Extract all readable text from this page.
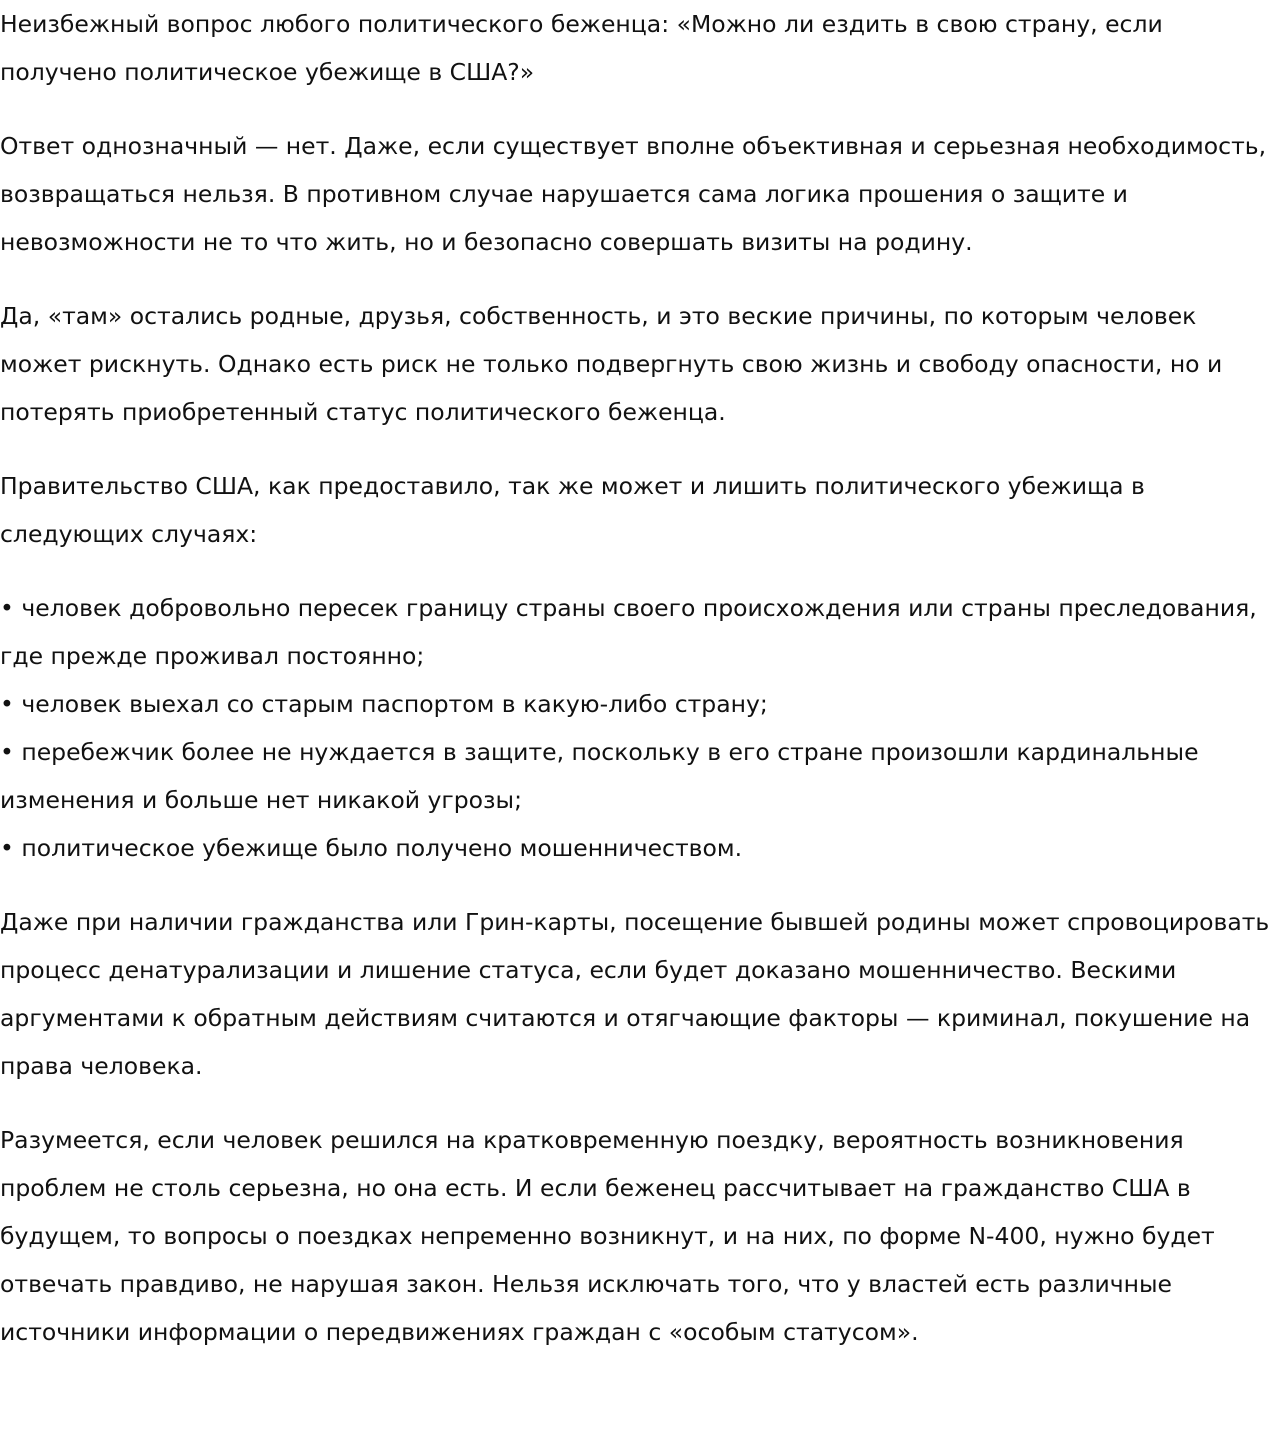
Неизбежный вопрос любого политического беженца: «Можно ли ездить в свою страну, если получено политическое убежище в США?»

Ответ однозначный — нет. Даже, если существует вполне объективная и серьезная необходимость, возвращаться нельзя. В противном случае нарушается сама логика прошения о защите и невозможности не то что жить, но и безопасно совершать визиты на родину.

Да, «там» остались родные, друзья, собственность, и это веские причины, по которым человек может рискнуть. Однако есть риск не только подвергнуть свою жизнь и свободу опасности, но и потерять приобретенный статус политического беженца.

Правительство США, как предоставило, так же может и лишить политического убежища в следующих случаях:

• человек добровольно пересек границу страны своего происхождения или страны преследования, где прежде проживал постоянно;
• человек выехал со старым паспортом в какую-либо страну;
• перебежчик более не нуждается в защите, поскольку в его стране произошли кардинальные изменения и больше нет никакой угрозы;
• политическое убежище было получено мошенничеством.

Даже при наличии гражданства или Грин-карты, посещение бывшей родины может спровоцировать процесс денатурализации и лишение статуса, если будет доказано мошенничество. Вескими аргументами к обратным действиям считаются и отягчающие факторы — криминал, покушение на права человека.

Разумеется, если человек решился на кратковременную поездку, вероятность возникновения проблем не столь серьезна, но она есть. И если беженец рассчитывает на гражданство США в будущем, то вопросы о поездках непременно возникнут, и на них, по форме N-400, нужно будет отвечать правдиво, не нарушая закон. Нельзя исключать того, что у властей есть различные источники информации о передвижениях граждан с «особым статусом».
